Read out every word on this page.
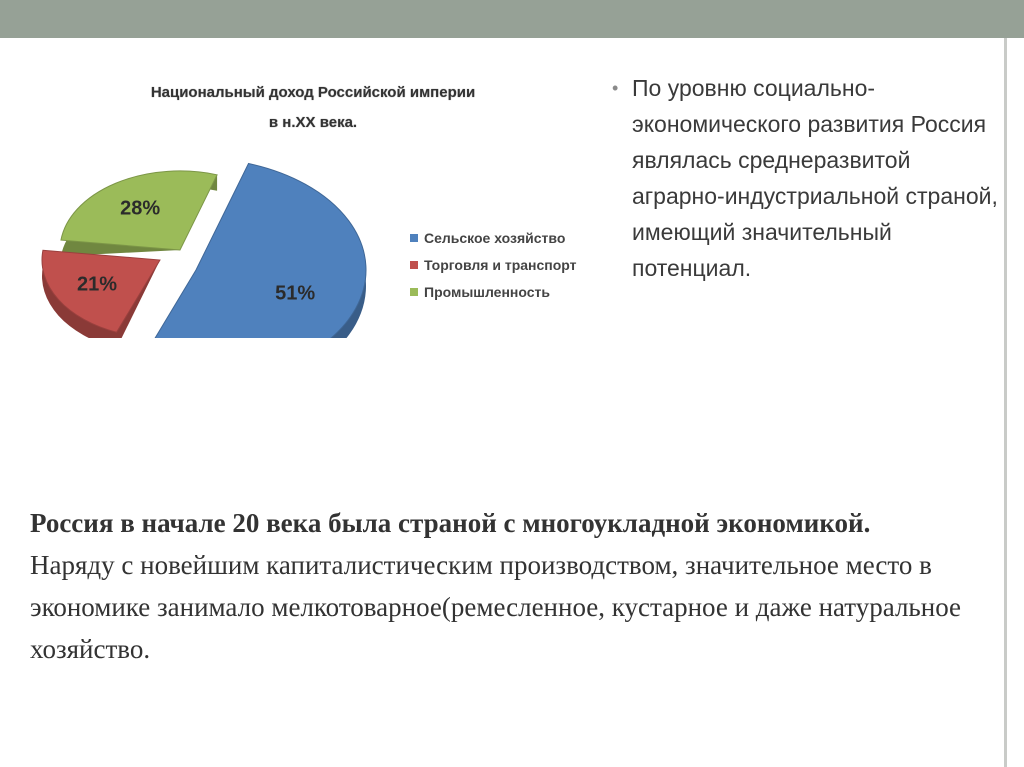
Национальный доход Российской империи
в н.XX века.
28%
21%	51%
Сельское хозяйство
Торговля и транспорт
Промышленность
• По уровню социально-экономического развития Россия являлась среднеразвитой аграрно-индустриальной страной, имеющий значительный потенциал.
Россия в начале 20 века была страной с многоукладной экономикой.
Наряду с новейшим капиталистическим производством, значительное место в экономике занимало мелкотоварное(ремесленное, кустарное и даже натуральное хозяйство.
